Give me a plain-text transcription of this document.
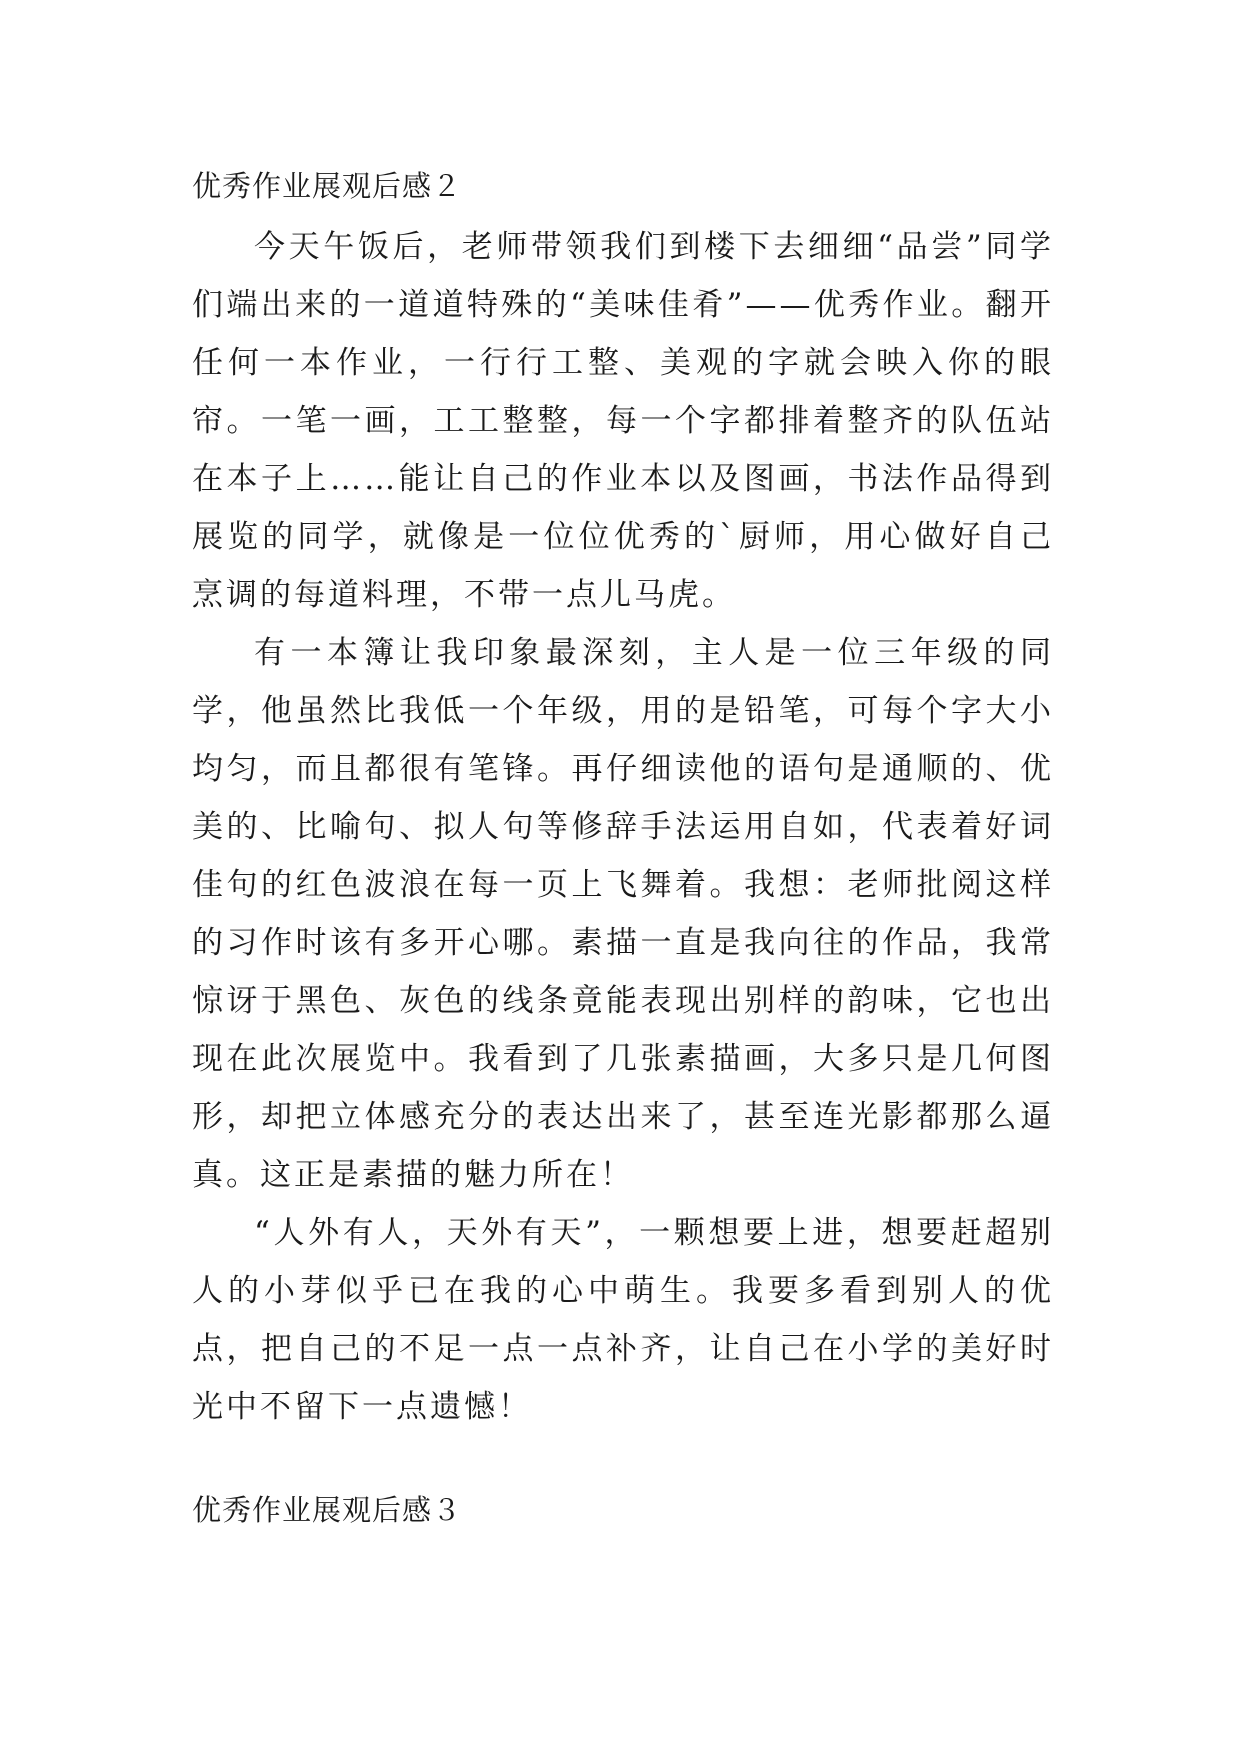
优秀作业展观后感２

今天午饭后，老师带领我们到楼下去细细“品尝”同学们端出来的一道道特殊的“美味佳肴”——优秀作业。翻开任何一本作业，一行行工整、美观的字就会映入你的眼帘。一笔一画，工工整整，每一个字都排着整齐的队伍站在本子上……能让自己的作业本以及图画，书法作品得到展览的同学，就像是一位位优秀的`厨师，用心做好自己烹调的每道料理，不带一点儿马虎。

有一本簿让我印象最深刻，主人是一位三年级的同学，他虽然比我低一个年级，用的是铅笔，可每个字大小均匀，而且都很有笔锋。再仔细读他的语句是通顺的、优美的、比喻句、拟人句等修辞手法运用自如，代表着好词佳句的红色波浪在每一页上飞舞着。我想：老师批阅这样的习作时该有多开心哪。素描一直是我向往的作品，我常惊讶于黑色、灰色的线条竟能表现出别样的韵味，它也出现在此次展览中。我看到了几张素描画，大多只是几何图形，却把立体感充分的表达出来了，甚至连光影都那么逼真。这正是素描的魅力所在！

“人外有人，天外有天”，一颗想要上进，想要赶超别人的小芽似乎已在我的心中萌生。我要多看到别人的优点，把自己的不足一点一点补齐，让自己在小学的美好时光中不留下一点遗憾！

优秀作业展观后感３
